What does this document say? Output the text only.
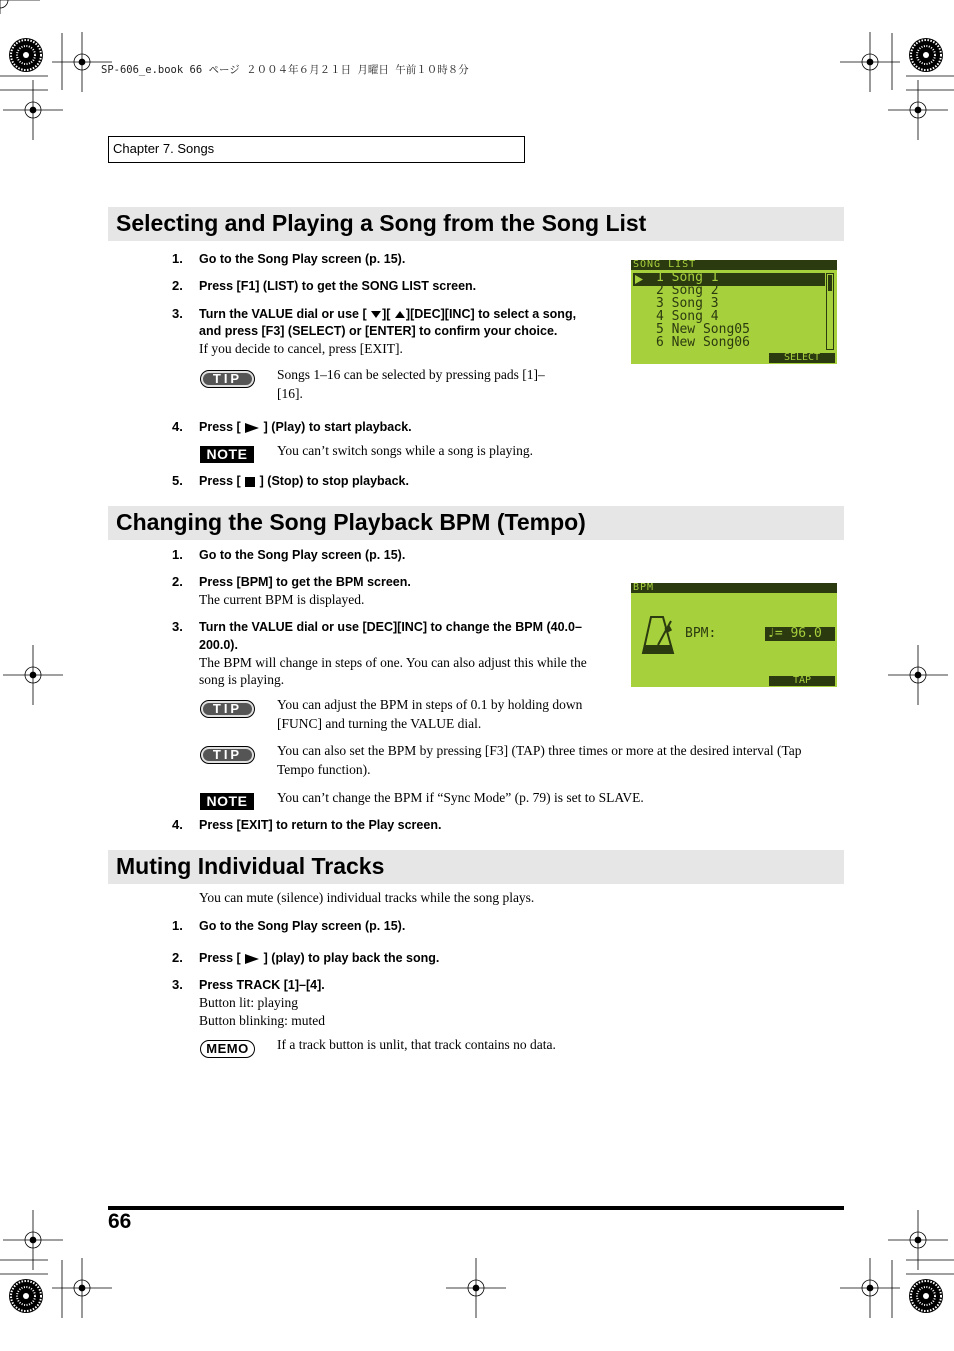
SP-606_e.book 66 ページ ２００４年６月２１日 月曜日 午前１０時８分
Chapter 7. Songs
Selecting and Playing a Song from the Song List
1. Go to the Song Play screen (p. 15).
2. Press [F1] (LIST) to get the SONG LIST screen.
3. Turn the VALUE dial or use [ ][ ][DEC][INC] to select a song,
and press [F3] (SELECT) or [ENTER] to confirm your choice.
If you decide to cancel, press [EXIT].
TIP	Songs 1–16 can be selected by pressing pads [1]–
[16].
4. Press [ ] (Play) to start playback.
NOTE	You can’t switch songs while a song is playing.
5. Press [ ] (Stop) to stop playback.
SONG LIST
1 Song 1
2 Song 2
3 Song 3
4 Song 4
5 New Song05
6 New Song06
SELECT
Changing the Song Playback BPM (Tempo)
1. Go to the Song Play screen (p. 15).
2. Press [BPM] to get the BPM screen.
The current BPM is displayed.
3. Turn the VALUE dial or use [DEC][INC] to change the BPM (40.0–
200.0).
The BPM will change in steps of one. You can also adjust this while the
song is playing.
TIP	You can adjust the BPM in steps of 0.1 by holding down
[FUNC] and turning the VALUE dial.
TIP	You can also set the BPM by pressing [F3] (TAP) three times or more at the desired interval (Tap
Tempo function).
NOTE	You can’t change the BPM if “Sync Mode” (p. 79) is set to SLAVE.
4. Press [EXIT] to return to the Play screen.
BPM
BPM:	♩= 96.0
TAP
Muting Individual Tracks
You can mute (silence) individual tracks while the song plays.
1. Go to the Song Play screen (p. 15).
2. Press [ ] (play) to play back the song.
3. Press TRACK [1]–[4].
Button lit: playing
Button blinking: muted
MEMO	If a track button is unlit, that track contains no data.
66
